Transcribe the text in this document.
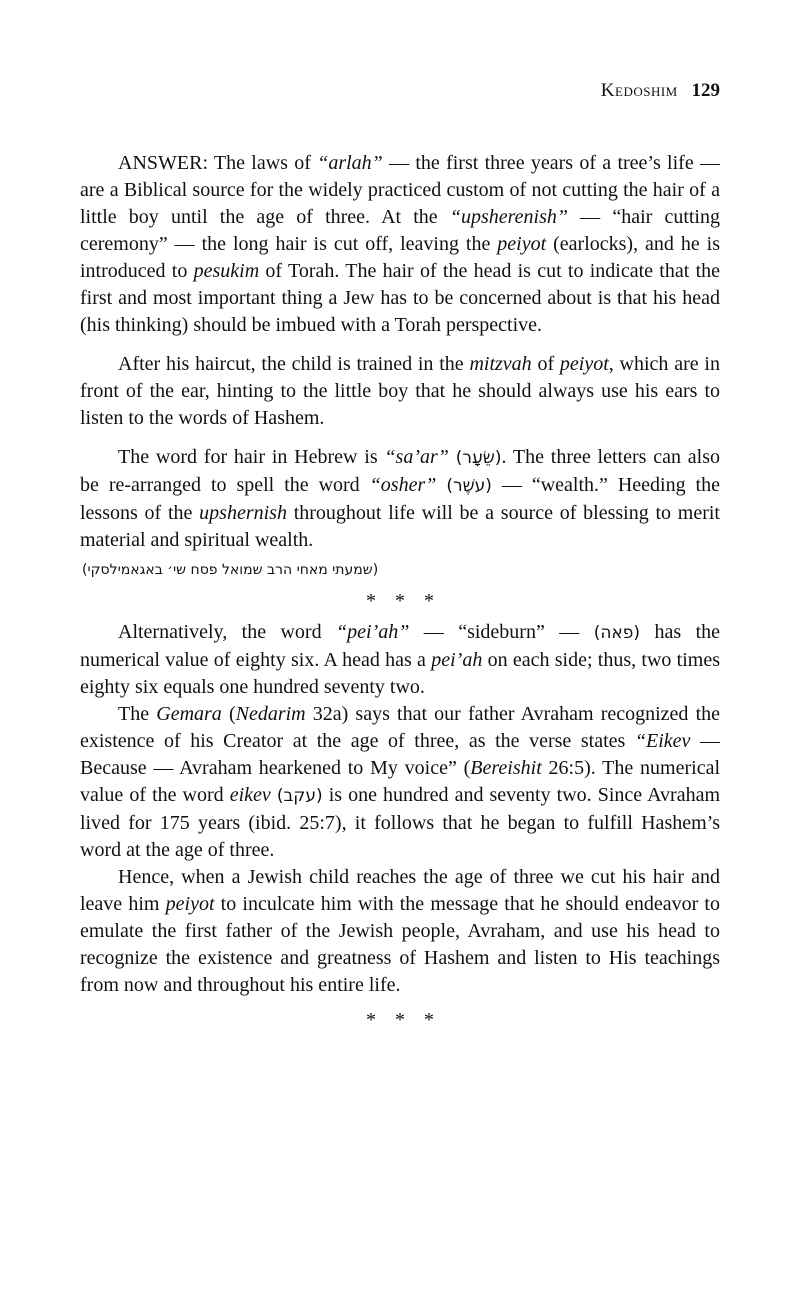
Kedoshim 129

ANSWER: The laws of “arlah” — the first three years of a tree’s life — are a Biblical source for the widely practiced custom of not cutting the hair of a little boy until the age of three. At the “upsherenish” — “hair cutting ceremony” — the long hair is cut off, leaving the peiyot (earlocks), and he is introduced to pesukim of Torah. The hair of the head is cut to indicate that the first and most important thing a Jew has to be concerned about is that his head (his thinking) should be imbued with a Torah perspective.

After his haircut, the child is trained in the mitzvah of peiyot, which are in front of the ear, hinting to the little boy that he should always use his ears to listen to the words of Hashem.

The word for hair in Hebrew is “sa’ar” (שֵׂעָר). The three letters can also be re-arranged to spell the word “osher” (עשֶׁר) — “wealth.” Heeding the lessons of the upshernish throughout life will be a source of blessing to merit material and spiritual wealth.

(שמעתי מאחי הרב שמואל פסח שי׳ באגאמילסקי)
* * *

Alternatively, the word “pei’ah” — “sideburn” — (פאה) has the numerical value of eighty six. A head has a pei’ah on each side; thus, two times eighty six equals one hundred seventy two.

The Gemara (Nedarim 32a) says that our father Avraham recognized the existence of his Creator at the age of three, as the verse states “Eikev — Because — Avraham hearkened to My voice” (Bereishit 26:5). The numerical value of the word eikev (עקב) is one hundred and seventy two. Since Avraham lived for 175 years (ibid. 25:7), it follows that he began to fulfill Hashem’s word at the age of three.

Hence, when a Jewish child reaches the age of three we cut his hair and leave him peiyot to inculcate him with the message that he should endeavor to emulate the first father of the Jewish people, Avraham, and use his head to recognize the existence and greatness of Hashem and listen to His teachings from now and throughout his entire life.

* * *
